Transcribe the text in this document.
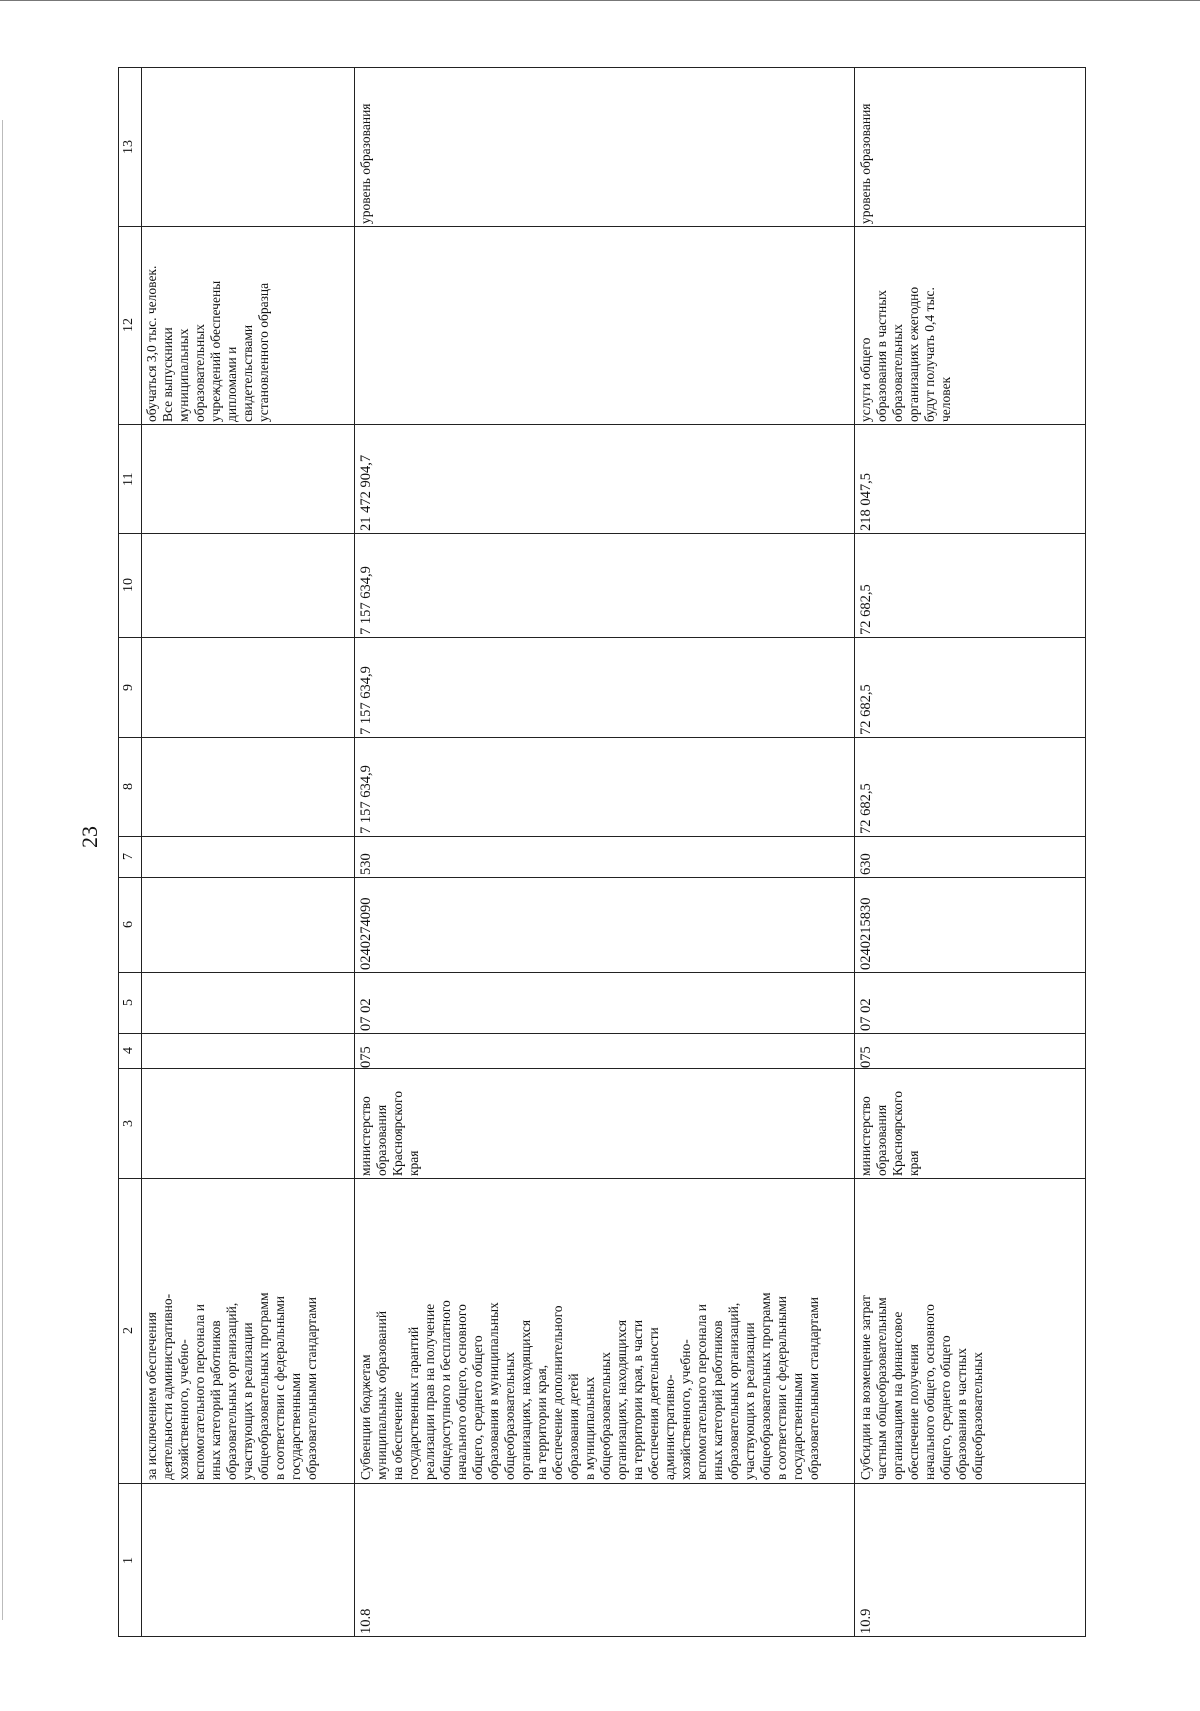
23
1
2
3
4
5
6
7
8
9
10
11
12
13
за исключением обеспечения
деятельности административно-
хозяйственного, учебно-
вспомогательного персонала и
иных категорий работников
образовательных организаций,
участвующих в реализации
общеобразовательных программ
в соответствии с федеральными
государственными
образовательными стандартами
обучаться 3,0 тыс. человек.
Все выпускники
муниципальных
образовательных
учреждений обеспечены
дипломами и
свидетельствами
установленного образца
10.8
Субвенции бюджетам
муниципальных образований
на обеспечение
государственных гарантий
реализации прав на получение
общедоступного и бесплатного
начального общего, основного
общего, среднего общего
образования в муниципальных
общеобразовательных
организациях, находящихся
на территории края,
обеспечение дополнительного
образования детей
в муниципальных
общеобразовательных
организациях, находящихся
на территории края, в части
обеспечения деятельности
административно-
хозяйственного, учебно-
вспомогательного персонала и
иных категорий работников
образовательных организаций,
участвующих в реализации
общеобразовательных программ
в соответствии с федеральными
государственными
образовательными стандартами
министерство
образования
Красноярского
края
075
07 02
0240274090
530
7 157 634,9
7 157 634,9
7 157 634,9
21 472 904,7
уровень образования
10.9
Субсидии на возмещение затрат
частным общеобразовательным
организациям на финансовое
обеспечение получения
начального общего, основного
общего, среднего общего
образования в частных
общеобразовательных
министерство
образования
Красноярского
края
075
07 02
0240215830
630
72 682,5
72 682,5
72 682,5
218 047,5
услуги общего
образования в частных
образовательных
организациях ежегодно
будут получать 0,4 тыс.
человек
уровень образования
